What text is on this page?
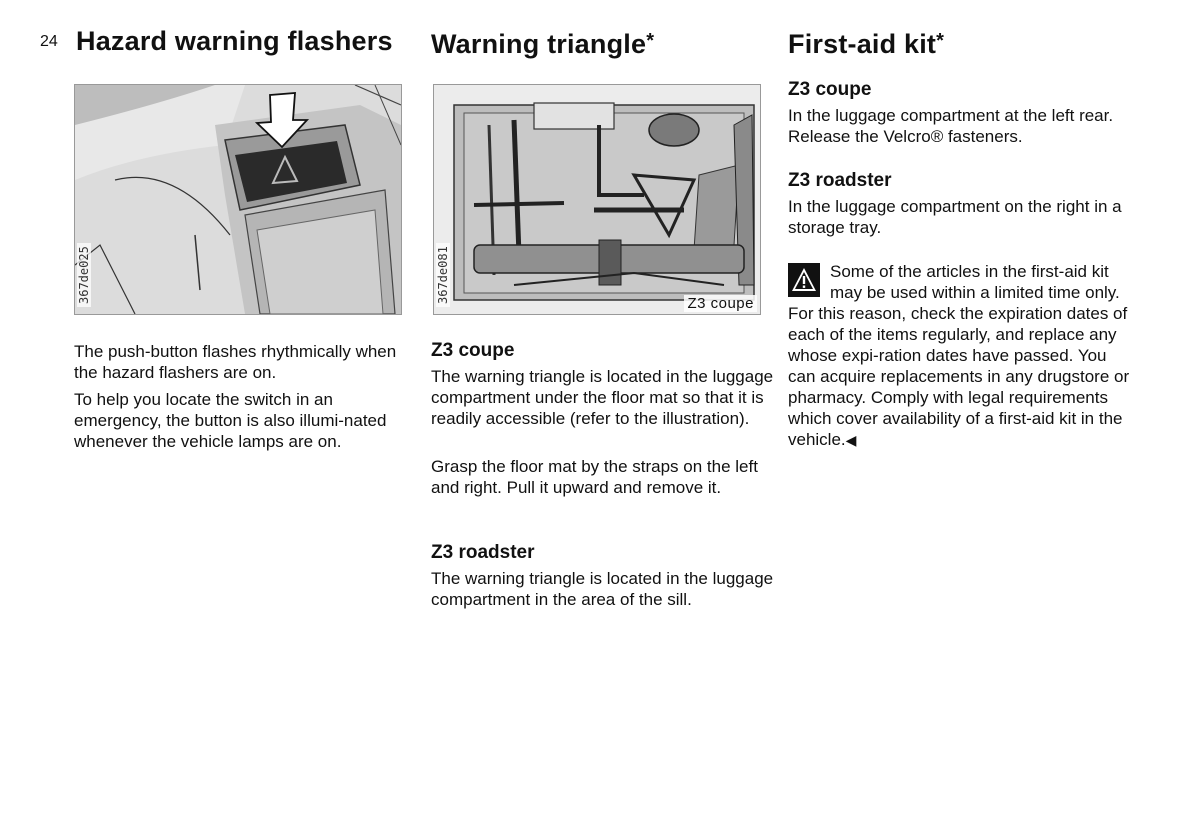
24 Hazard warning flashers
367de025

The push-button flashes rhythmically when the hazard flashers are on.

To help you locate the switch in an emergency, the button is also illumi-nated whenever the vehicle lamps are on.

Warning triangle*
367de081	Z3 coupe
Z3 coupe

The warning triangle is located in the luggage compartment under the floor mat so that it is readily accessible (refer to the illustration).

Grasp the floor mat by the straps on the left and right. Pull it upward and remove it.

Z3 roadster

The warning triangle is located in the luggage compartment in the area of the sill.

First-aid kit*
Z3 coupe

In the luggage compartment at the left rear. Release the Velcro® fasteners.

Z3 roadster

In the luggage compartment on the right in a storage tray.

Some of the articles in the first-aid kit may be used within a limited time only. For this reason, check the expiration dates of each of the items regularly, and replace any whose expi-ration dates have passed. You can acquire replacements in any drugstore or pharmacy. Comply with legal requirements which cover availability of a first-aid kit in the vehicle.◀
